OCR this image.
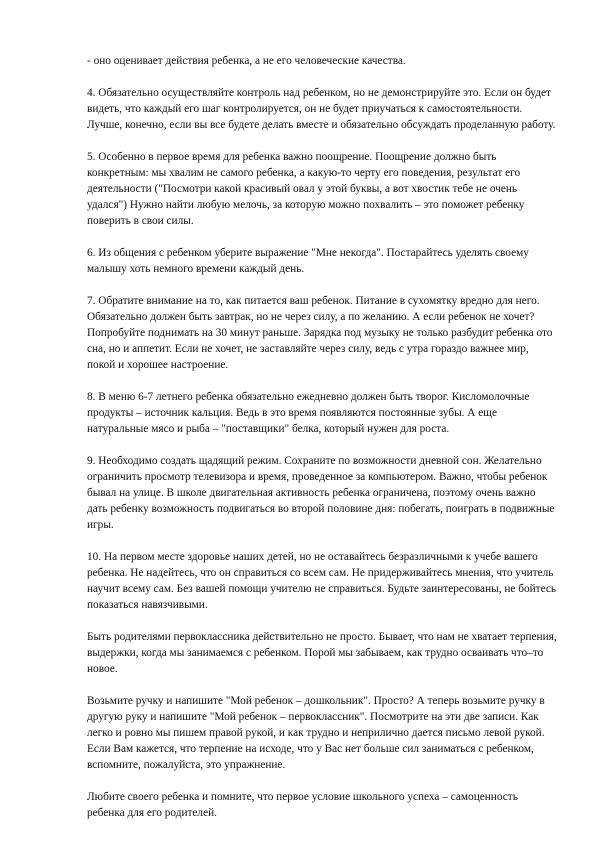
- оно оценивает действия ребенка, а не его человеческие качества.

4. Обязательно осуществляйте контроль над ребенком, но не демонстрируйте это. Если он будет видеть, что каждый его шаг контролируется, он не будет приучаться к самостоятельности. Лучше, конечно, если вы все будете делать вместе и обязательно обсуждать проделанную работу.

5. Особенно в первое время для ребенка важно поощрение. Поощрение должно быть конкретным: мы хвалим не самого ребенка, а какую-то черту его поведения, результат его деятельности ("Посмотри какой красивый овал у этой буквы, а вот хвостик тебе не очень удался") Нужно найти любую мелочь, за которую можно похвалить – это поможет ребенку поверить в свои силы.

6. Из общения с ребенком уберите выражение "Мне некогда". Постарайтесь уделять своему малышу хоть немного времени каждый день.

7. Обратите внимание на то, как питается ваш ребенок. Питание в сухомятку вредно для него. Обязательно должен быть завтрак, но не через силу, а по желанию. А если ребенок не хочет? Попробуйте поднимать на 30 минут раньше. Зарядка под музыку не только разбудит ребенка ото сна, но и аппетит. Если не хочет, не заставляйте через силу, ведь с утра гораздо важнее мир, покой и хорошее настроение.

8. В меню 6-7 летнего ребенка обязательно ежедневно должен быть творог. Кисломолочные продукты – источник кальция. Ведь в это время появляются постоянные зубы. А еще натуральные мясо и рыба – "поставщики" белка, который нужен для роста.

9. Необходимо создать щадящий режим. Сохраните по возможности дневной сон. Желательно ограничить просмотр телевизора и время, проведенное за компьютером. Важно, чтобы ребенок бывал на улице. В школе двигательная активность ребенка ограничена, поэтому очень важно дать ребенку возможность подвигаться во второй половине дня: побегать, поиграть в подвижные игры.

10. На первом месте здоровье наших детей, но не оставайтесь безразличными к учебе вашего ребенка. Не надейтесь, что он справиться со всем сам. Не придерживайтесь мнения, что учитель научит всему сам. Без вашей помощи учителю не справиться. Будьте заинтересованы, не бойтесь показаться навязчивыми.

Быть родителями первоклассника действительно не просто. Бывает, что нам не хватает терпения, выдержки, когда мы занимаемся с ребенком. Порой мы забываем, как трудно осваивать что–то новое.

Возьмите ручку и напишите "Мой ребенок – дошкольник". Просто? А теперь возьмите ручку в другую руку и напишите "Мой ребенок – первоклассник". Посмотрите на эти две записи. Как легко и ровно мы пишем правой рукой, и как трудно и неприлично дается письмо левой рукой. Если Вам кажется, что терпение на исходе, что у Вас нет больше сил заниматься с ребенком, вспомните, пожалуйста, это упражнение.

Любите своего ребенка и помните, что первое условие школьного успеха – самоценность ребенка для его родителей.
